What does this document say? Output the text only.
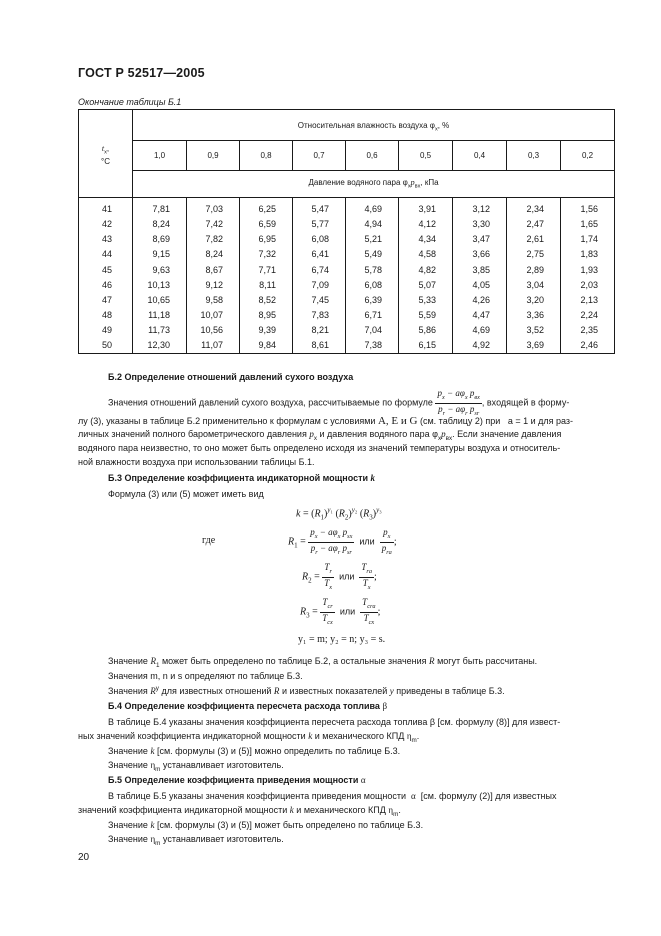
ГОСТ Р 52517—2005
Окончание таблицы Б.1
$t_х$,
°C	Относительная влажность воздуха $\varphi_х$, %								
	1,0	0,9	0,8	0,7	0,6	0,5	0,4	0,3	0,2
	Давление водяного пара $\varphi_хp_{вх}$, кПа								
41	7,81	7,03	6,25	5,47	4,69	3,91	3,12	2,34	1,56
42	8,24	7,42	6,59	5,77	4,94	4,12	3,30	2,47	1,65
43	8,69	7,82	6,95	6,08	5,21	4,34	3,47	2,61	1,74
44	9,15	8,24	7,32	6,41	5,49	4,58	3,66	2,75	1,83
45	9,63	8,67	7,71	6,74	5,78	4,82	3,85	2,89	1,93
46	10,13	9,12	8,11	7,09	6,08	5,07	4,05	3,04	2,03
47	10,65	9,58	8,52	7,45	6,39	5,33	4,26	3,20	2,13
48	11,18	10,07	8,95	7,83	6,71	5,59	4,47	3,36	2,24
49	11,73	10,56	9,39	8,21	7,04	5,86	4,69	3,52	2,35
50	12,30	11,07	9,84	8,61	7,38	6,15	4,92	3,69	2,46
Б.2 Определение отношений давлений сухого воздуха
Значения отношений давлений сухого воздуха, рассчитываемые по формуле $\frac{p_x - a\varphi_x p_{вх}}{p_r - a\varphi_r p_{sr}}$ , входящей в форму-
лу (3), указаны в таблице Б.2 применительно к формулам с условиями A, E и G (см. таблицу 2) при a = 1 и для раз-
личных значений полного барометрического давления $p_x$ и давления водяного пара $\varphi_xp_{вх}$. Если значение давления
водяного пара неизвестно, то оно может быть определено исходя из значений температуры воздуха и относитель-
ной влажности воздуха при использовании таблицы Б.1.
Б.3 Определение коэффициента индикаторной мощности k
Формула (3) или (5) может иметь вид
$k = (R_1)^{y_1}$ $(R_2)^{y_2}$ $(R_3)^{y_3}$
где	$R_1 = \frac{p_x - a\varphi_x p_{sx}}{p_r - a\varphi_r p_{sr}}$ или $\frac{p_x}{p_{ra}}$ ;
$R_2 = \frac{T_r}{T_x}$ или $\frac{T_{ra}}{T_x}$ ;
$R_3 = \frac{T_{cr}}{T_{cx}}$ или $\frac{T_{cra}}{T_{cx}}$ ;
y₁ = m; y₂ = n; y₃ = s.
Значение $R_1$ может быть определено по таблице Б.2, а остальные значения R могут быть рассчитаны.
Значения m, n и s определяют по таблице Б.3.
Значения $R^y$ для известных отношений R и известных показателей y приведены в таблице Б.3.
Б.4 Определение коэффициента пересчета расхода топлива β
В таблице Б.4 указаны значения коэффициента пересчета расхода топлива β [см. формулу (8)] для извест-
ных значений коэффициента индикаторной мощности k и механического КПД $\eta_m$.
Значение k [см. формулы (3) и (5)] можно определить по таблице Б.3.
Значение $\eta_m$ устанавливает изготовитель.
Б.5 Определение коэффициента приведения мощности α
В таблице Б.5 указаны значения коэффициента приведения мощности α [см. формулу (2)] для известных
значений коэффициента индикаторной мощности k и механического КПД $\eta_m$.
Значение k [см. формулы (3) и (5)] может быть определено по таблице Б.3.
Значение $\eta_m$ устанавливает изготовитель.
20
